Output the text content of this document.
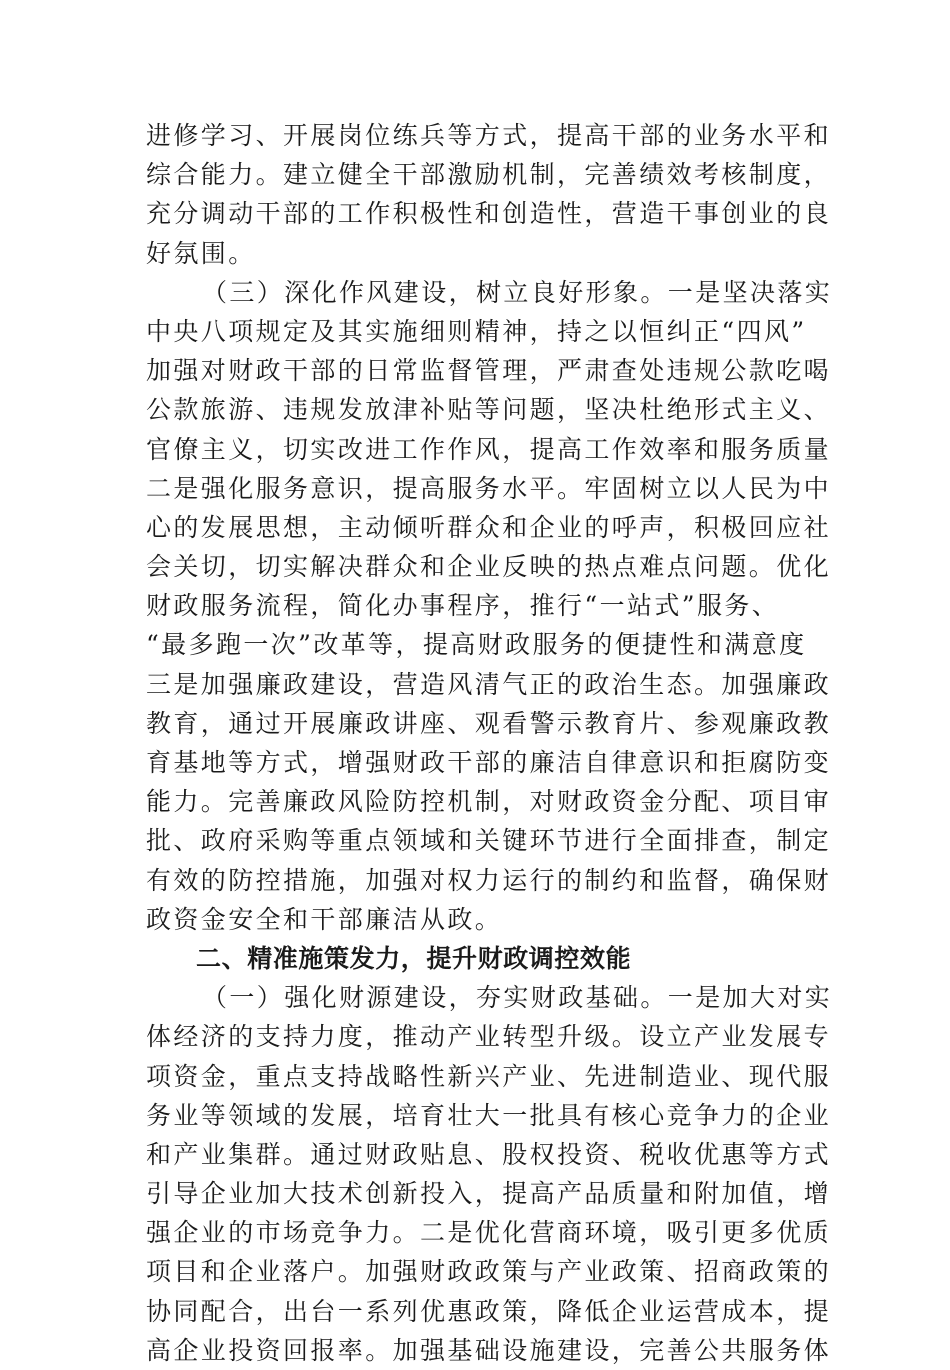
进修学习、开展岗位练兵等方式，提高干部的业务水平和
综合能力。建立健全干部激励机制，完善绩效考核制度，
充分调动干部的工作积极性和创造性，营造干事创业的良
好氛围。
（三）深化作风建设，树立良好形象。一是坚决落实
中央八项规定及其实施细则精神，持之以恒纠正“四风”
加强对财政干部的日常监督管理，严肃查处违规公款吃喝
公款旅游、违规发放津补贴等问题，坚决杜绝形式主义、
官僚主义，切实改进工作作风，提高工作效率和服务质量
二是强化服务意识，提高服务水平。牢固树立以人民为中
心的发展思想，主动倾听群众和企业的呼声，积极回应社
会关切，切实解决群众和企业反映的热点难点问题。优化
财政服务流程，简化办事程序，推行“一站式”服务、
“最多跑一次”改革等，提高财政服务的便捷性和满意度
三是加强廉政建设，营造风清气正的政治生态。加强廉政
教育，通过开展廉政讲座、观看警示教育片、参观廉政教
育基地等方式，增强财政干部的廉洁自律意识和拒腐防变
能力。完善廉政风险防控机制，对财政资金分配、项目审
批、政府采购等重点领域和关键环节进行全面排查，制定
有效的防控措施，加强对权力运行的制约和监督，确保财
政资金安全和干部廉洁从政。
二、精准施策发力，提升财政调控效能
（一）强化财源建设，夯实财政基础。一是加大对实
体经济的支持力度，推动产业转型升级。设立产业发展专
项资金，重点支持战略性新兴产业、先进制造业、现代服
务业等领域的发展，培育壮大一批具有核心竞争力的企业
和产业集群。通过财政贴息、股权投资、税收优惠等方式
引导企业加大技术创新投入，提高产品质量和附加值，增
强企业的市场竞争力。二是优化营商环境，吸引更多优质
项目和企业落户。加强财政政策与产业政策、招商政策的
协同配合，出台一系列优惠政策，降低企业运营成本，提
高企业投资回报率。加强基础设施建设，完善公共服务体
